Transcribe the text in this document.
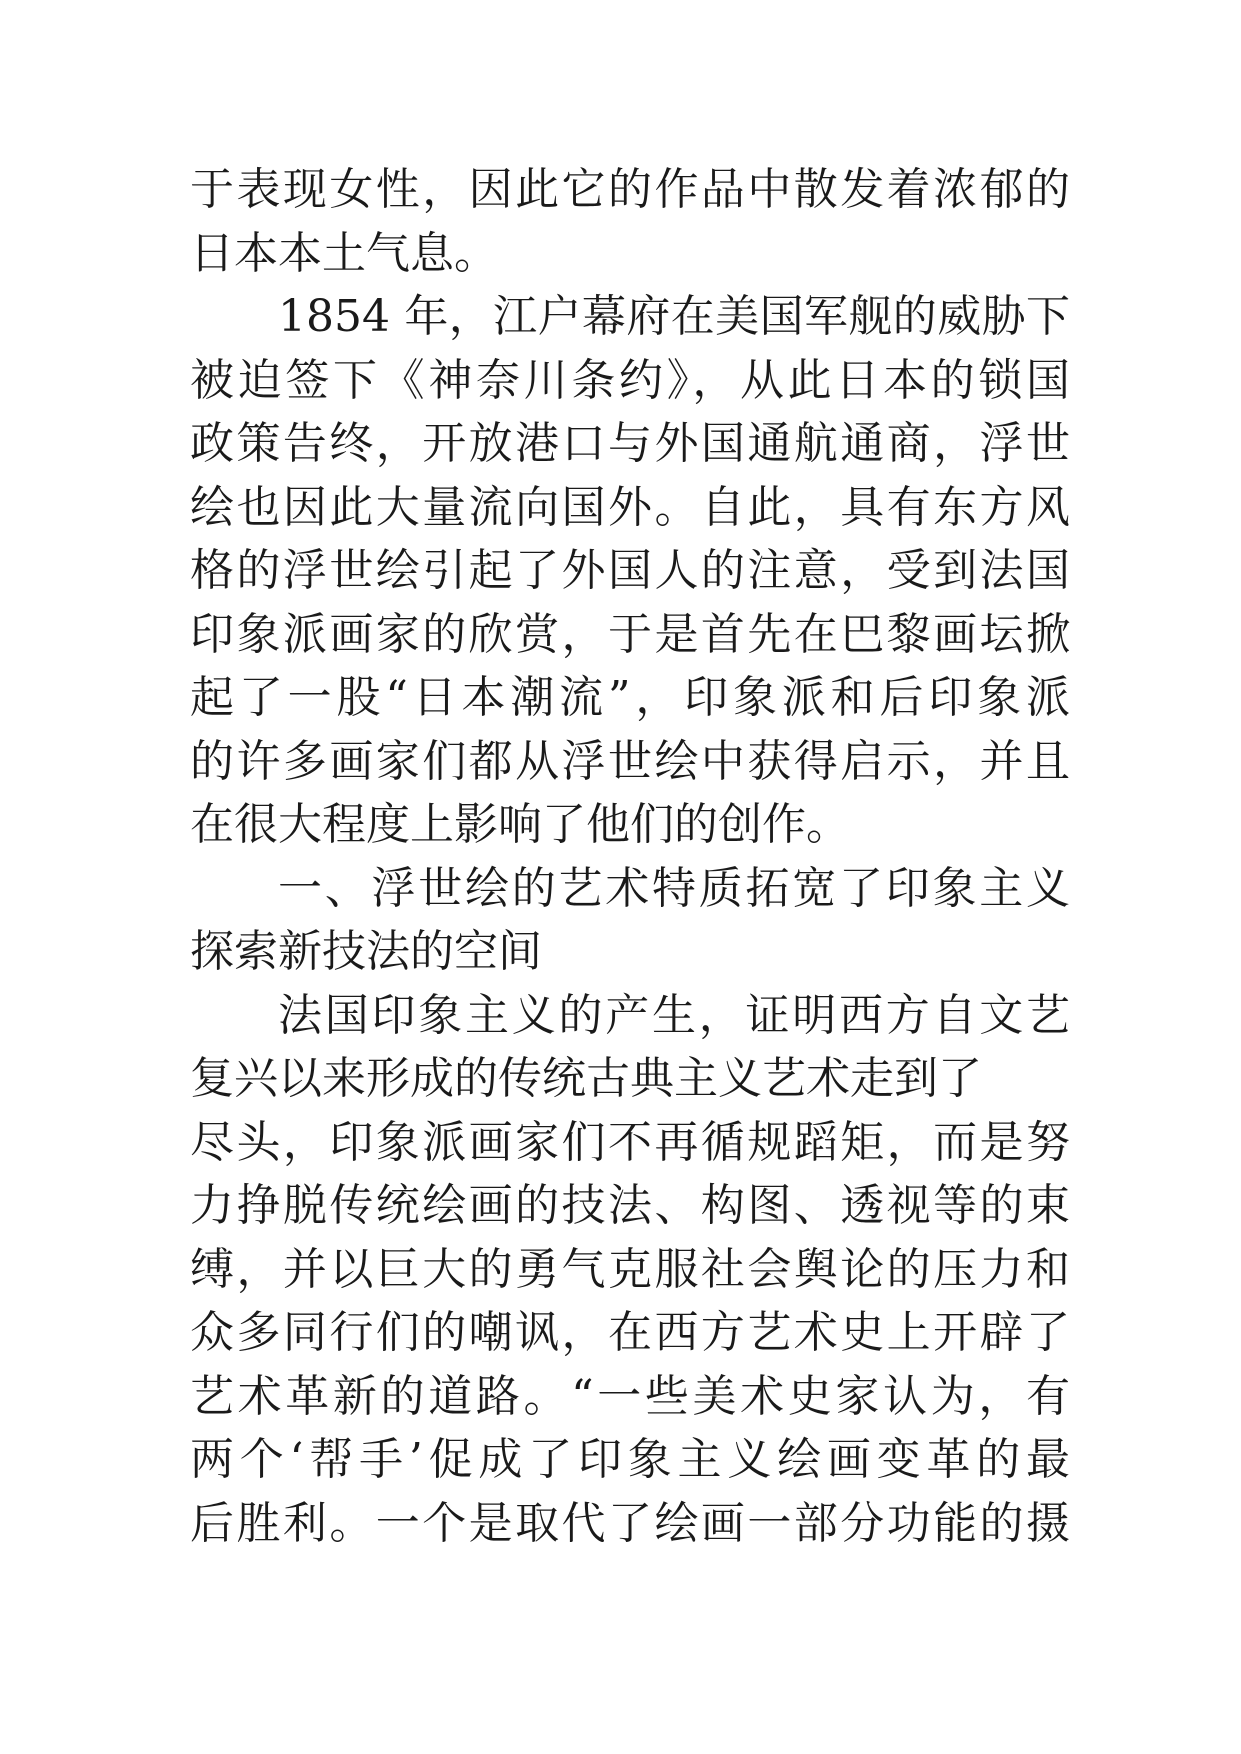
于表现女性，因此它的作品中散发着浓郁的
日本本土气息。
1854 年，江户幕府在美国军舰的威胁下
被迫签下《神奈川条约》，从此日本的锁国
政策告终，开放港口与外国通航通商，浮世
绘也因此大量流向国外。自此，具有东方风
格的浮世绘引起了外国人的注意，受到法国
印象派画家的欣赏，于是首先在巴黎画坛掀
起了一股“日本潮流”，印象派和后印象派
的许多画家们都从浮世绘中获得启示，并且
在很大程度上影响了他们的创作。
一、浮世绘的艺术特质拓宽了印象主义
探索新技法的空间
法国印象主义的产生，证明西方自文艺
复兴以来形成的传统古典主义艺术走到了
尽头，印象派画家们不再循规蹈矩，而是努
力挣脱传统绘画的技法、构图、透视等的束
缚，并以巨大的勇气克服社会舆论的压力和
众多同行们的嘲讽，在西方艺术史上开辟了
艺术革新的道路。“一些美术史家认为，有
两个‘帮手’促成了印象主义绘画变革的最
后胜利。一个是取代了绘画一部分功能的摄
